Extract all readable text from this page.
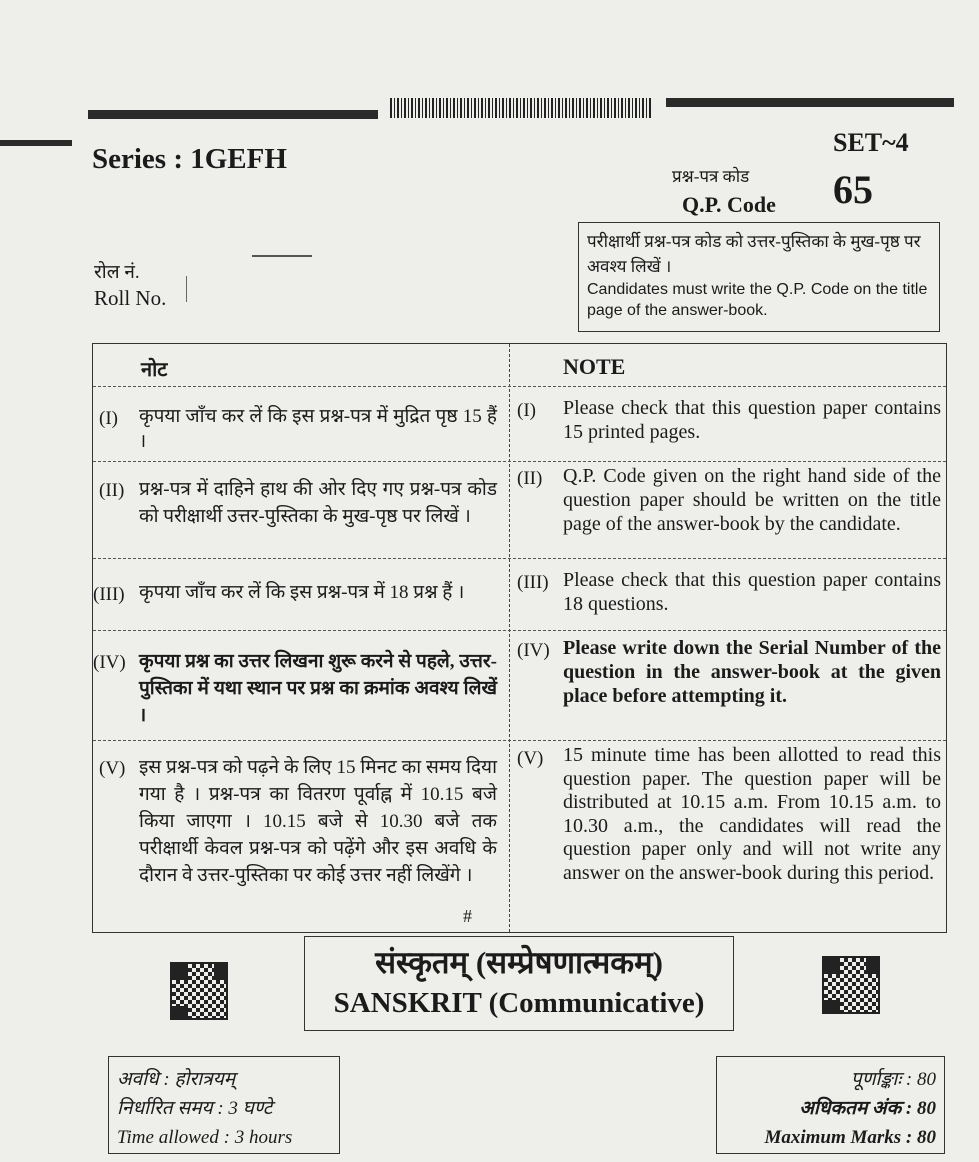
Series : 1GEFH
SET~4
प्रश्न-पत्र कोड
Q.P. Code 65
रोल नं.
Roll No.
परीक्षार्थी प्रश्न-पत्र कोड को उत्तर-पुस्तिका के मुख-पृष्ठ पर अवश्य लिखें ।
Candidates must write the Q.P. Code on the title page of the answer-book.
नोट	NOTE
(I) कृपया जाँच कर लें कि इस प्रश्न-पत्र में मुद्रित पृष्ठ 15 हैं ।
(I) Please check that this question paper contains 15 printed pages.
(II) प्रश्न-पत्र में दाहिने हाथ की ओर दिए गए प्रश्न-पत्र कोड को परीक्षार्थी उत्तर-पुस्तिका के मुख-पृष्ठ पर लिखें ।
(II) Q.P. Code given on the right hand side of the question paper should be written on the title page of the answer-book by the candidate.
(III) कृपया जाँच कर लें कि इस प्रश्न-पत्र में 18 प्रश्न हैं ।	(III) Please check that this question paper contains 18 questions.
(IV) कृपया प्रश्न का उत्तर लिखना शुरू करने से पहले, उत्तर-पुस्तिका में यथा स्थान पर प्रश्न का क्रमांक अवश्य लिखें ।
(IV) Please write down the Serial Number of the question in the answer-book at the given place before attempting it.
(V) इस प्रश्न-पत्र को पढ़ने के लिए 15 मिनट का समय दिया गया है । प्रश्न-पत्र का वितरण पूर्वाह्न में 10.15 बजे किया जाएगा । 10.15 बजे से 10.30 बजे तक परीक्षार्थी केवल प्रश्न-पत्र को पढ़ेंगे और इस अवधि के दौरान वे उत्तर-पुस्तिका पर कोई उत्तर नहीं लिखेंगे ।
(V) 15 minute time has been allotted to read this question paper. The question paper will be distributed at 10.15 a.m. From 10.15 a.m. to 10.30 a.m., the candidates will read the question paper only and will not write any answer on the answer-book during this period.
#
संस्कृतम् (सम्प्रेषणात्मकम्)
SANSKRIT (Communicative)
अवधि : होरात्रयम्
निर्धारित समय : 3 घण्टे
Time allowed : 3 hours
पूर्णाङ्काः : 80
अधिकतम अंक : 80
Maximum Marks : 80
